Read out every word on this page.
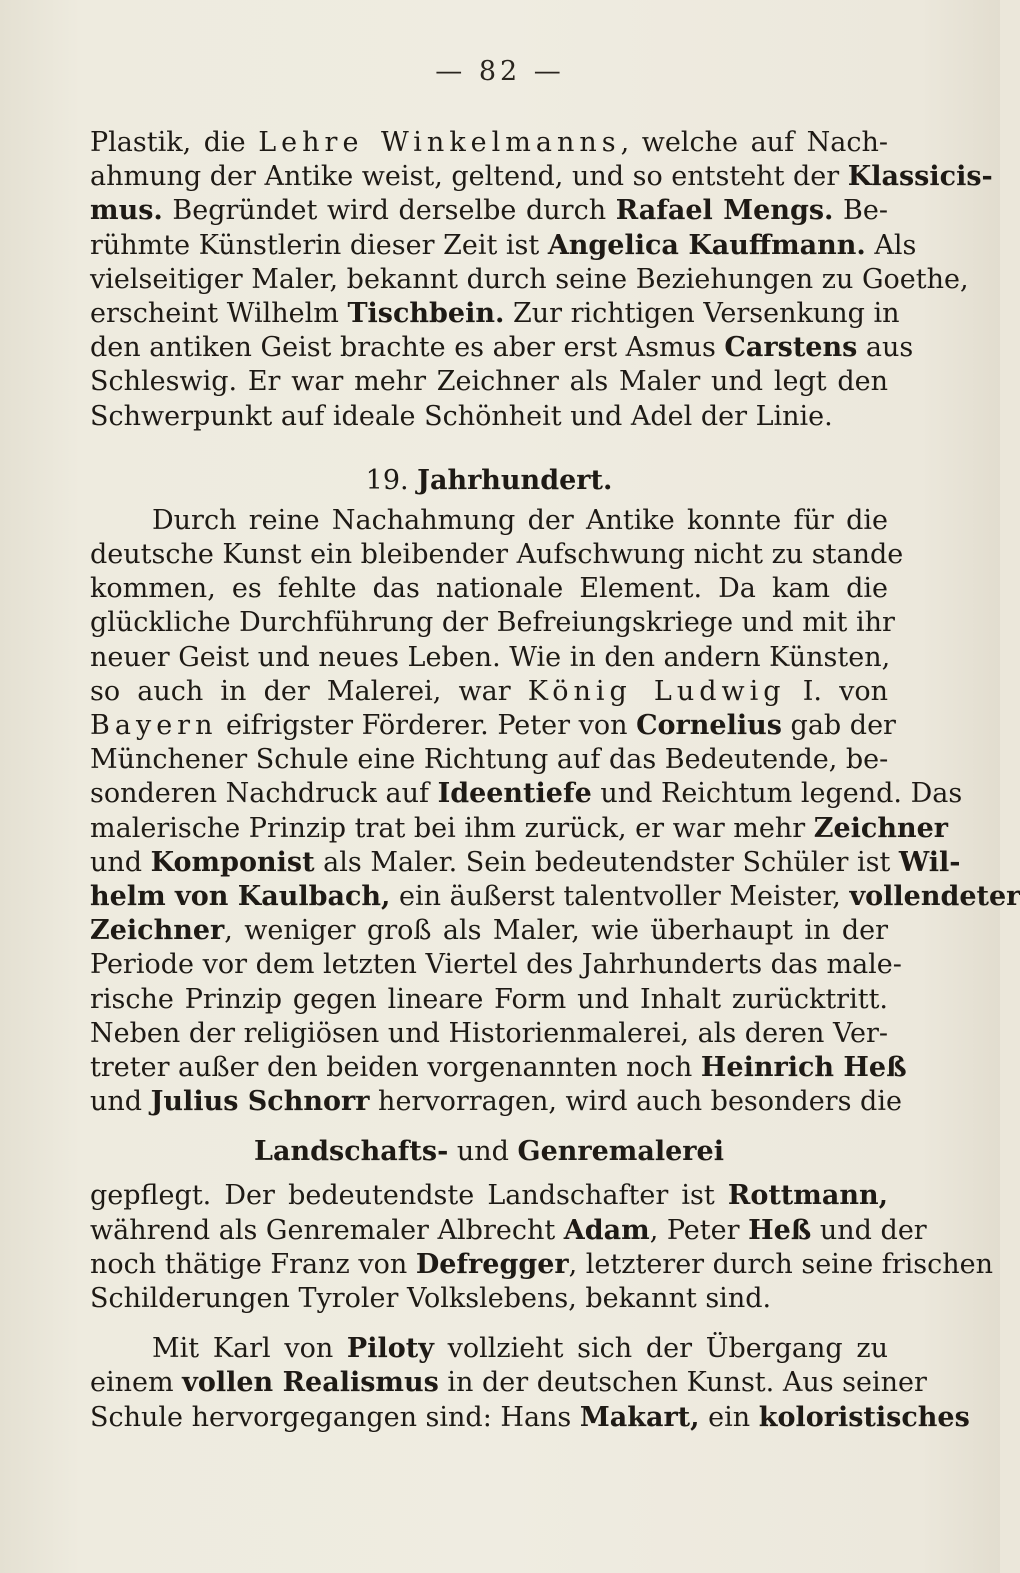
— 82 —
Plastik, die Lehre Winkelmanns, welche auf Nach-
ahmung der Antike weist, geltend, und so entsteht der Klassicis-
mus. Begründet wird derselbe durch Rafael Mengs. Be-
rühmte Künstlerin dieser Zeit ist Angelica Kauffmann. Als
vielseitiger Maler, bekannt durch seine Beziehungen zu Goethe,
erscheint Wilhelm Tischbein. Zur richtigen Versenkung in
den antiken Geist brachte es aber erst Asmus Carstens aus
Schleswig. Er war mehr Zeichner als Maler und legt den
Schwerpunkt auf ideale Schönheit und Adel der Linie.
19. Jahrhundert.
Durch reine Nachahmung der Antike konnte für die
deutsche Kunst ein bleibender Aufschwung nicht zu stande
kommen, es fehlte das nationale Element. Da kam die
glückliche Durchführung der Befreiungskriege und mit ihr
neuer Geist und neues Leben. Wie in den andern Künsten,
so auch in der Malerei, war König Ludwig I. von
Bayern eifrigster Förderer. Peter von Cornelius gab der
Münchener Schule eine Richtung auf das Bedeutende, be-
sonderen Nachdruck auf Ideentiefe und Reichtum legend. Das
malerische Prinzip trat bei ihm zurück, er war mehr Zeichner
und Komponist als Maler. Sein bedeutendster Schüler ist Wil-
helm von Kaulbach, ein äußerst talentvoller Meister, vollendeter
Zeichner, weniger groß als Maler, wie überhaupt in der
Periode vor dem letzten Viertel des Jahrhunderts das male-
rische Prinzip gegen lineare Form und Inhalt zurücktritt.
Neben der religiösen und Historienmalerei, als deren Ver-
treter außer den beiden vorgenannten noch Heinrich Heß
und Julius Schnorr hervorragen, wird auch besonders die
Landschafts- und Genremalerei
gepflegt. Der bedeutendste Landschafter ist Rottmann,
während als Genremaler Albrecht Adam, Peter Heß und der
noch thätige Franz von Defregger, letzterer durch seine frischen
Schilderungen Tyroler Volkslebens, bekannt sind.
Mit Karl von Piloty vollzieht sich der Übergang zu
einem vollen Realismus in der deutschen Kunst. Aus seiner
Schule hervorgegangen sind: Hans Makart, ein koloristisches
